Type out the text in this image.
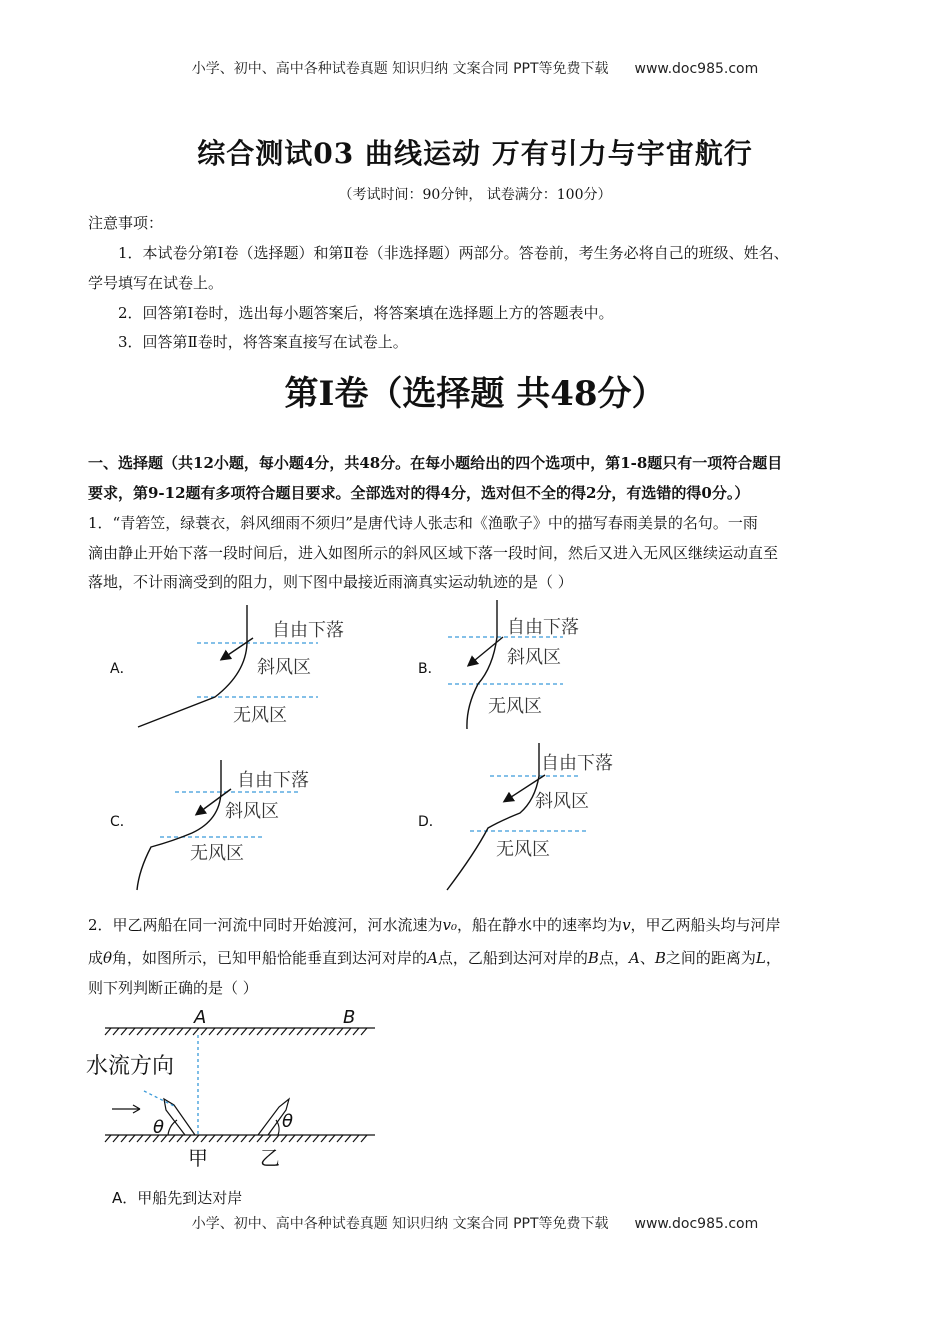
小学、初中、高中各种试卷真题 知识归纳 文案合同 PPT等免费下载 www.doc985.com
综合测试03 曲线运动 万有引力与宇宙航行
（考试时间：90分钟， 试卷满分：100分）
注意事项：
1．本试卷分第Ⅰ卷（选择题）和第Ⅱ卷（非选择题）两部分。答卷前，考生务必将自己的班级、姓名、
学号填写在试卷上。
2．回答第Ⅰ卷时，选出每小题答案后，将答案填在选择题上方的答题表中。
3．回答第Ⅱ卷时，将答案直接写在试卷上。
第Ⅰ卷（选择题 共48分）
一、选择题（共12小题，每小题4分，共48分。在每小题给出的四个选项中，第1-8题只有一项符合题目
要求，第9-12题有多项符合题目要求。全部选对的得4分，选对但不全的得2分，有选错的得0分。）
1．“青箬笠，绿蓑衣，斜风细雨不须归”是唐代诗人张志和《渔歌子》中的描写春雨美景的名句。一雨
滴由静止开始下落一段时间后，进入如图所示的斜风区域下落一段时间，然后又进入无风区继续运动直至
落地，不计雨滴受到的阻力，则下图中最接近雨滴真实运动轨迹的是（ ）
自由下落
斜风区
无风区
自由下落
斜风区
无风区
自由下落
斜风区
无风区
自由下落
斜风区
无风区
A．	B．
C．	D．
2．甲乙两船在同一河流中同时开始渡河，河水流速为v₀，船在静水中的速率均为v，甲乙两船头均与河岸
成θ角，如图所示，已知甲船恰能垂直到达河对岸的A点，乙船到达河对岸的B点，A、B之间的距离为L，
则下列判断正确的是（ ）
A	B
水流方向
θ	θ
甲	乙
A．甲船先到达对岸
小学、初中、高中各种试卷真题 知识归纳 文案合同 PPT等免费下载 www.doc985.com
